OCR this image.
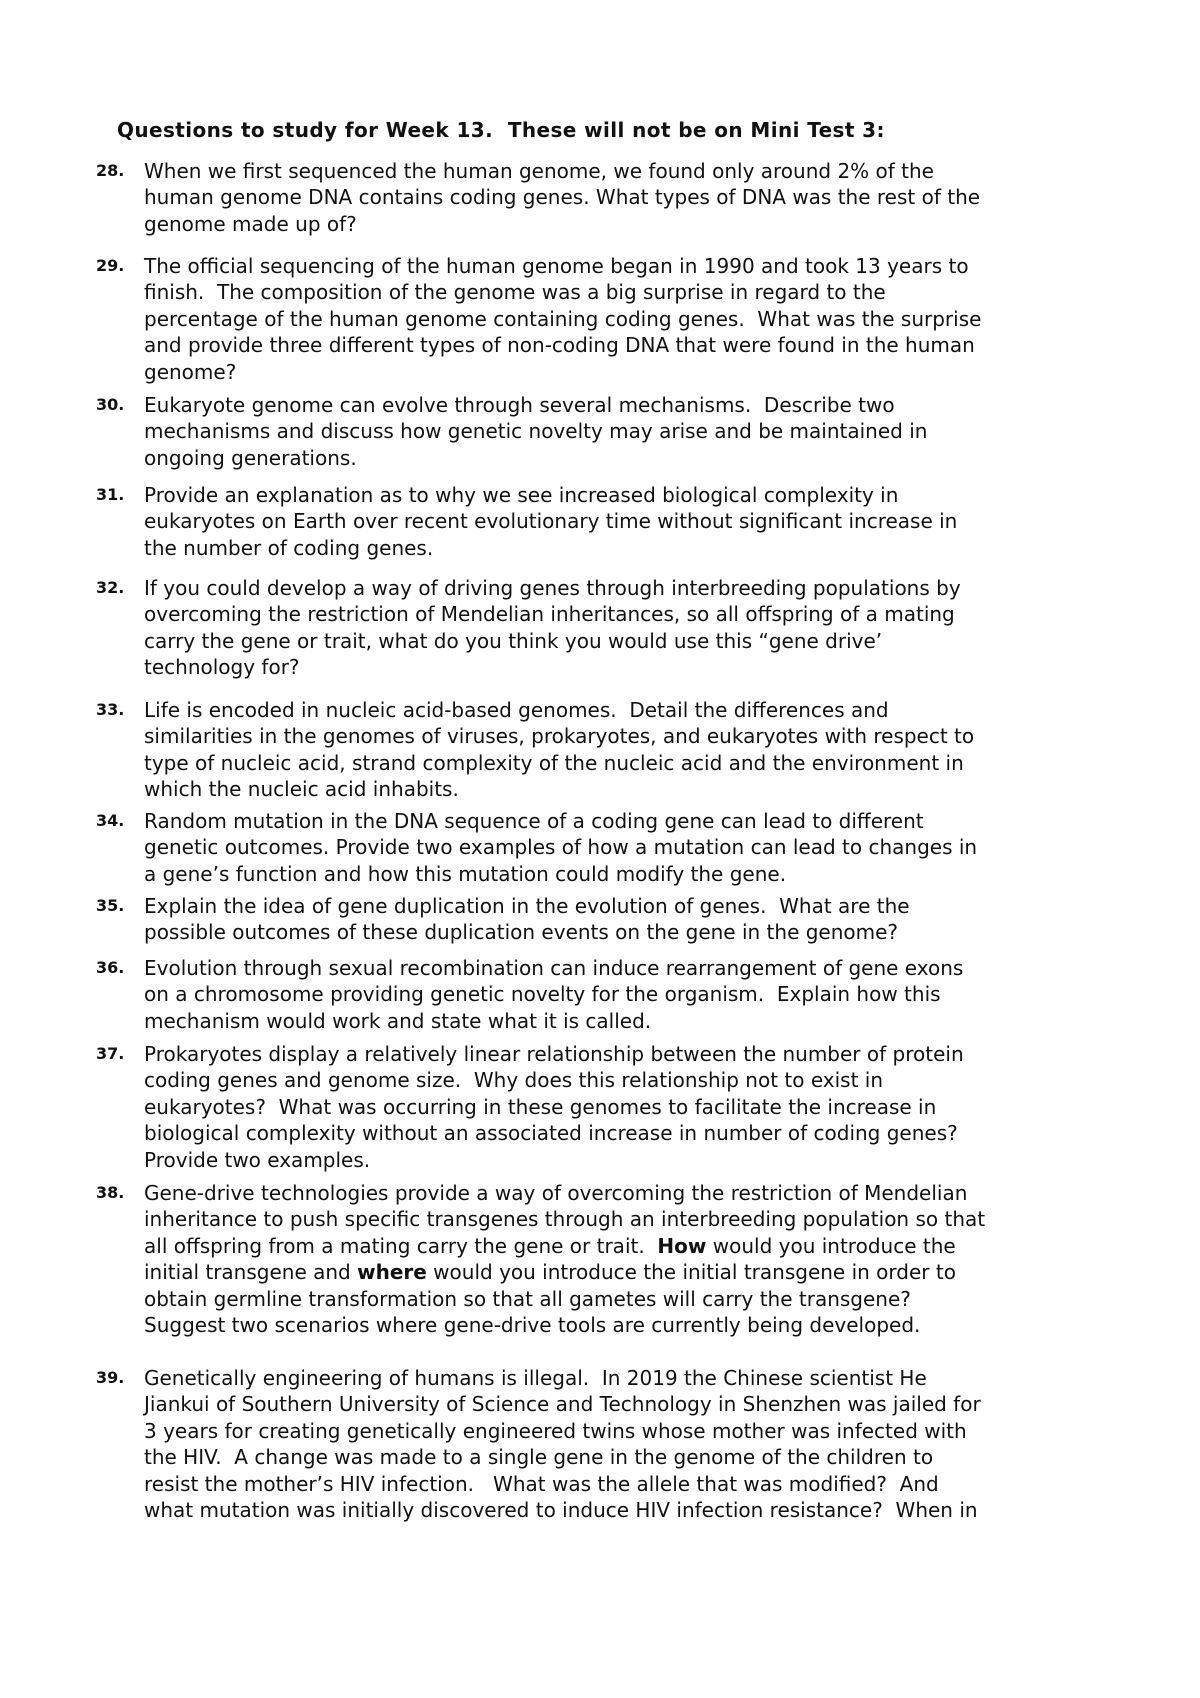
Questions to study for Week 13.  These will not be on Mini Test 3:
28. When we first sequenced the human genome, we found only around 2% of the
human genome DNA contains coding genes. What types of DNA was the rest of the
genome made up of?
29. The official sequencing of the human genome began in 1990 and took 13 years to
finish.  The composition of the genome was a big surprise in regard to the
percentage of the human genome containing coding genes.  What was the surprise
and provide three different types of non-coding DNA that were found in the human
genome?
30. Eukaryote genome can evolve through several mechanisms.  Describe two
mechanisms and discuss how genetic novelty may arise and be maintained in
ongoing generations.
31. Provide an explanation as to why we see increased biological complexity in
eukaryotes on Earth over recent evolutionary time without significant increase in
the number of coding genes.
32. If you could develop a way of driving genes through interbreeding populations by
overcoming the restriction of Mendelian inheritances, so all offspring of a mating
carry the gene or trait, what do you think you would use this “gene drive’
technology for?
33. Life is encoded in nucleic acid-based genomes.  Detail the differences and
similarities in the genomes of viruses, prokaryotes, and eukaryotes with respect to
type of nucleic acid, strand complexity of the nucleic acid and the environment in
which the nucleic acid inhabits.
34. Random mutation in the DNA sequence of a coding gene can lead to different
genetic outcomes. Provide two examples of how a mutation can lead to changes in
a gene’s function and how this mutation could modify the gene.
35. Explain the idea of gene duplication in the evolution of genes.  What are the
possible outcomes of these duplication events on the gene in the genome?
36. Evolution through sexual recombination can induce rearrangement of gene exons
on a chromosome providing genetic novelty for the organism.  Explain how this
mechanism would work and state what it is called.
37. Prokaryotes display a relatively linear relationship between the number of protein
coding genes and genome size.  Why does this relationship not to exist in
eukaryotes?  What was occurring in these genomes to facilitate the increase in
biological complexity without an associated increase in number of coding genes?
Provide two examples.
38. Gene-drive technologies provide a way of overcoming the restriction of Mendelian
inheritance to push specific transgenes through an interbreeding population so that
all offspring from a mating carry the gene or trait.  How would you introduce the
initial transgene and where would you introduce the initial transgene in order to
obtain germline transformation so that all gametes will carry the transgene?
Suggest two scenarios where gene-drive tools are currently being developed.
39. Genetically engineering of humans is illegal.  In 2019 the Chinese scientist He
Jiankui of Southern University of Science and Technology in Shenzhen was jailed for
3 years for creating genetically engineered twins whose mother was infected with
the HIV.  A change was made to a single gene in the genome of the children to
resist the mother’s HIV infection.   What was the allele that was modified?  And
what mutation was initially discovered to induce HIV infection resistance?  When in
